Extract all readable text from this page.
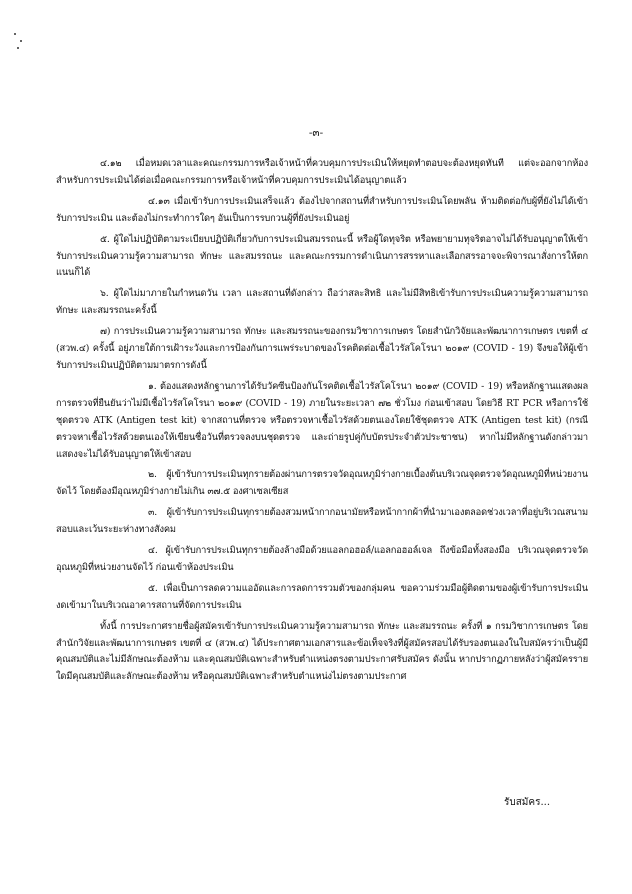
-๓-

๔.๑๒ เมื่อหมดเวลาและคณะกรรมการหรือเจ้าหน้าที่ควบคุมการประเมินให้หยุดทำตอบจะต้องหยุดทันที แต่จะออกจากห้องสำหรับการประเมินได้ต่อเมื่อคณะกรรมการหรือเจ้าหน้าที่ควบคุมการประเมินได้อนุญาตแล้ว

๔.๑๓ เมื่อเข้ารับการประเมินเสร็จแล้ว ต้องไปจากสถานที่สำหรับการประเมินโดยพลัน ห้ามติดต่อกับผู้ที่ยังไม่ได้เข้ารับการประเมิน และต้องไม่กระทำการใดๆ อันเป็นการรบกวนผู้ที่ยังประเมินอยู่

๕. ผู้ใดไม่ปฏิบัติตามระเบียบปฏิบัติเกี่ยวกับการประเมินสมรรถนะนี้ หรือผู้ใดทุจริต หรือพยายามทุจริตอาจไม่ได้รับอนุญาตให้เข้ารับการประเมินความรู้ความสามารถ ทักษะ และสมรรถนะ และคณะกรรมการดำเนินการสรรหาและเลือกสรรอาจจะพิจารณาสั่งการให้ตกแนนก็ได้

๖. ผู้ใดไม่มาภายในกำหนดวัน เวลา และสถานที่ดังกล่าว ถือว่าสละสิทธิ และไม่มีสิทธิเข้ารับการประเมินความรู้ความสามารถ ทักษะ และสมรรถนะครั้งนี้

๗) การประเมินความรู้ความสามารถ ทักษะ และสมรรถนะของกรมวิชาการเกษตร โดยสำนักวิจัยและพัฒนาการเกษตร เขตที่ ๔ (สวพ.๔) ครั้งนี้ อยู่ภายใต้การเฝ้าระวังและการป้องกันการแพร่ระบาดของโรคติดต่อเชื้อไวรัสโคโรนา ๒๐๑๙ (COVID - 19) จึงขอให้ผู้เข้ารับการประเมินปฏิบัติตามมาตรการดังนี้

๑. ต้องแสดงหลักฐานการได้รับวัคซีนป้องกันโรคติดเชื้อไวรัสโคโรนา ๒๐๑๙ (COVID - 19) หรือหลักฐานแสดงผลการตรวจที่ยืนยันว่าไม่มีเชื้อไวรัสโคโรนา ๒๐๑๙ (COVID - 19) ภายในระยะเวลา ๗๒ ชั่วโมง ก่อนเข้าสอบ โดยวิธี RT PCR หรือการใช้ชุดตรวจ ATK (Antigen test kit) จากสถานที่ตรวจ หรือตรวจหาเชื้อไวรัสด้วยตนเองโดยใช้ชุดตรวจ ATK (Antigen test kit) (กรณีตรวจหาเชื้อไวรัสด้วยตนเองให้เขียนชื่อวันที่ตรวจลงบนชุดตรวจ และถ่ายรูปคู่กับบัตรประจำตัวประชาชน) หากไม่มีหลักฐานดังกล่าวมาแสดงจะไม่ได้รับอนุญาตให้เข้าสอบ

๒. ผู้เข้ารับการประเมินทุกรายต้องผ่านการตรวจวัดอุณหภูมิร่างกายเบื้องต้นบริเวณจุดตรวจวัดอุณหภูมิที่หน่วยงานจัดไว้ โดยต้องมีอุณหภูมิร่างกายไม่เกิน ๓๗.๕ องศาเซลเซียส

๓. ผู้เข้ารับการประเมินทุกรายต้องสวมหน้ากากอนามัยหรือหน้ากากผ้าที่นำมาเองตลอดช่วงเวลาที่อยู่บริเวณสนามสอบและเว้นระยะห่างทางสังคม

๔. ผู้เข้ารับการประเมินทุกรายต้องล้างมือด้วยแอลกอฮอล์/แอลกอฮอล์เจล ถึงข้อมือทั้งสองมือ บริเวณจุดตรวจวัดอุณหภูมิที่หน่วยงานจัดไว้ ก่อนเข้าห้องประเมิน

๕. เพื่อเป็นการลดความแออัดและการลดการรวมตัวของกลุ่มคน ขอความร่วมมือผู้ติดตามของผู้เข้ารับการประเมินงดเข้ามาในบริเวณอาคารสถานที่จัดการประเมิน

ทั้งนี้ การประกาศรายชื่อผู้สมัครเข้ารับการประเมินความรู้ความสามารถ ทักษะ และสมรรถนะ ครั้งที่ ๑ กรมวิชาการเกษตร โดยสำนักวิจัยและพัฒนาการเกษตร เขตที่ ๔ (สวพ.๔) ได้ประกาศตามเอกสารและข้อเท็จจริงที่ผู้สมัครสอบได้รับรองตนเองในใบสมัครว่าเป็นผู้มีคุณสมบัติและไม่มีลักษณะต้องห้าม และคุณสมบัติเฉพาะสำหรับตำแหน่งตรงตามประกาศรับสมัคร ดังนั้น หากปรากฏภายหลังว่าผู้สมัครรายใดมีคุณสมบัติและลักษณะต้องห้าม หรือคุณสมบัติเฉพาะสำหรับตำแหน่งไม่ตรงตามประกาศ

รับสมัคร...
